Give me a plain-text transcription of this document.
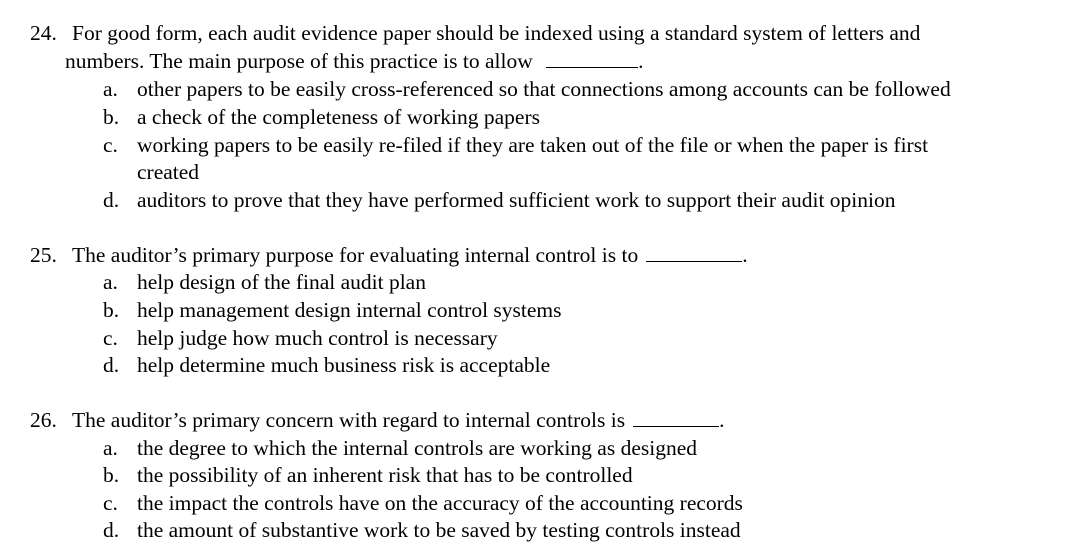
24. For good form, each audit evidence paper should be indexed using a standard system of letters and
numbers. The main purpose of this practice is to allow	.
a. other papers to be easily cross-referenced so that connections among accounts can be followed
b. a check of the completeness of working papers
c. working papers to be easily re-filed if they are taken out of the file or when the paper is first
created
d. auditors to prove that they have performed sufficient work to support their audit opinion
25. The auditor’s primary purpose for evaluating internal control is to	.
a. help design of the final audit plan
b. help management design internal control systems
c. help judge how much control is necessary
d. help determine much business risk is acceptable
26. The auditor’s primary concern with regard to internal controls is	.
a. the degree to which the internal controls are working as designed
b. the possibility of an inherent risk that has to be controlled
c. the impact the controls have on the accuracy of the accounting records
d. the amount of substantive work to be saved by testing controls instead
